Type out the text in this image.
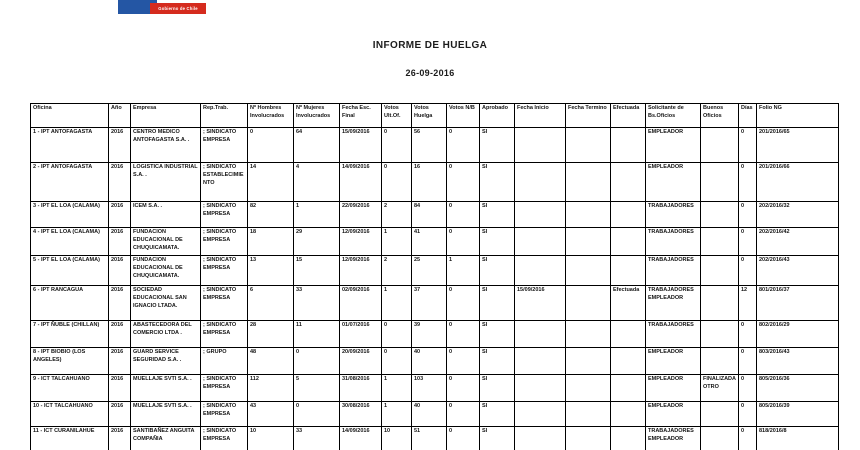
Gobierno de Chile
INFORME DE HUELGA
26-09-2016
Oficina	Año	Empresa	Rep.Trab.	Nº Hombres Involucrados	Nº Mujeres Involucrados	Fecha Esc. Final	Votos Ult.Of.	Votos Huelga	Votos N/B	Aprobado	Fecha Inicio	Fecha Termino	Efectuada	Solicitante de Bs.Oficios	Buenos Oficios	Días	Folio NG
1 - IPT ANTOFAGASTA	2016	CENTRO MEDICO ANTOFAGASTA S.A. .	; SINDICATO EMPRESA	0	64	15/09/2016	0	56	0	SI				EMPLEADOR		0	201/2016/65
2 - IPT ANTOFAGASTA	2016	LOGISTICA INDUSTRIAL S.A. .	; SINDICATO ESTABLECIMIENTO	14	4	14/09/2016	0	16	0	SI				EMPLEADOR		0	201/2016/66
3 - IPT EL LOA (CALAMA)	2016	ICEM S.A. .	; SINDICATO EMPRESA	82	1	22/09/2016	2	84	0	SI				TRABAJADORES		0	202/2016/32
4 - IPT EL LOA (CALAMA)	2016	FUNDACION EDUCACIONAL DE CHUQUICAMATA.	; SINDICATO EMPRESA	18	29	12/09/2016	1	41	0	SI				TRABAJADORES		0	202/2016/42
5 - IPT EL LOA (CALAMA)	2016	FUNDACION EDUCACIONAL DE CHUQUICAMATA.	; SINDICATO EMPRESA	13	15	12/09/2016	2	25	1	SI				TRABAJADORES		0	202/2016/43
6 - IPT RANCAGUA	2016	SOCIEDAD EDUCACIONAL SAN IGNACIO LTADA.	; SINDICATO EMPRESA	6	33	02/09/2016	1	37	0	SI	15/09/2016		Efectuada	TRABAJADORES EMPLEADOR		12	801/2016/37
7 - IPT ÑUBLE (CHILLAN)	2016	ABASTECEDORA DEL COMERCIO LTDA .	; SINDICATO EMPRESA	28	11	01/07/2016	0	39	0	SI				TRABAJADORES		0	802/2016/29
8 - IPT BIOBIO (LOS ANGELES)	2016	GUARD SERVICE SEGURIDAD S.A. .	; GRUPO	48	0	20/09/2016	0	40	0	SI				EMPLEADOR		0	803/2016/43
9 - ICT TALCAHUANO	2016	MUELLAJE SVTI S.A. .	; SINDICATO EMPRESA	112	5	31/08/2016	1	103	0	SI				EMPLEADOR	FINALIZADA OTRO	0	805/2016/36
10 - ICT TALCAHUANO	2016	MUELLAJE SVTI S.A. .	; SINDICATO EMPRESA	43	0	30/08/2016	1	40	0	SI				EMPLEADOR		0	805/2016/39
11 - ICT CURANILAHUE	2016	SANTIBAÑEZ ANGUITA COMPAÑIA	; SINDICATO EMPRESA	10	33	14/09/2016	10	51	0	SI				TRABAJADORES EMPLEADOR		0	818/2016/8
